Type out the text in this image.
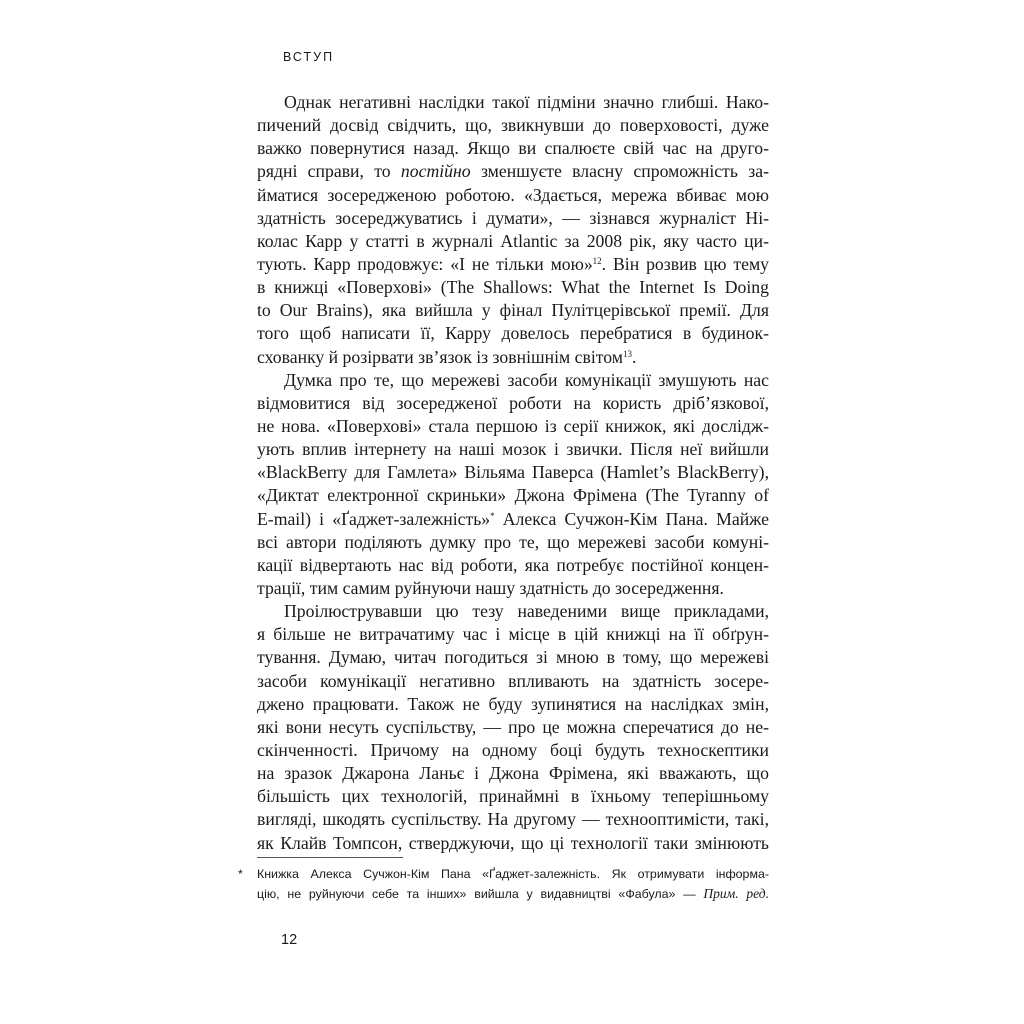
ВСТУП
Однак негативні наслідки такої підміни значно глибші. Нако-
пичений досвід свідчить, що, звикнувши до поверховості, дуже
важко повернутися назад. Якщо ви спалюєте свій час на друго-
рядні справи, то постійно зменшуєте власну спроможність за-
йматися зосередженою роботою. «Здається, мережа вбиває мою
здатність зосереджуватись і думати», — зізнався журналіст Ні-
колас Карр у статті в журналі Atlantic за 2008 рік, яку часто ци-
тують. Карр продовжує: «І не тільки мою»$^{12}$. Він розвив цю тему
в книжці «Поверхові» (The Shallows: What the Internet Is Doing
to Our Brains), яка вийшла у фінал Пулітцерівської премії. Для
того щоб написати її, Карру довелось перебратися в будинок-
схованку й розірвати зв’язок із зовнішнім світом$^{13}$.
Думка про те, що мережеві засоби комунікації змушують нас
відмовитися від зосередженої роботи на користь дріб’язкової,
не нова. «Поверхові» стала першою із серії книжок, які дослідж-
ують вплив інтернету на наші мозок і звички. Після неї вийшли
«BlackBerry для Гамлета» Вільяма Паверса (Hamlet’s BlackBerry),
«Диктат електронної скриньки» Джона Фрімена (The Tyranny of
E-mail) і «Ґаджет-залежність»* Алекса Сучжон-Кім Пана. Майже
всі автори поділяють думку про те, що мережеві засоби комуні-
кації відвертають нас від роботи, яка потребує постійної концен-
трації, тим самим руйнуючи нашу здатність до зосередження.
Проілюструвавши цю тезу наведеними вище прикладами,
я більше не витрачатиму час і місце в цій книжці на її обґрун-
тування. Думаю, читач погодиться зі мною в тому, що мережеві
засоби комунікації негативно впливають на здатність зосере-
джено працювати. Також не буду зупинятися на наслідках змін,
які вони несуть суспільству, — про це можна сперечатися до не-
скінченності. Причому на одному боці будуть техноскептики
на зразок Джарона Ланьє і Джона Фрімена, які вважають, що
більшість цих технологій, принаймні в їхньому теперішньому
вигляді, шкодять суспільству. На другому — технооптимісти, такі,
як Клайв Томпсон, стверджуючи, що ці технології таки змінюють
* Книжка Алекса Сучжон-Кім Пана «Ґаджет-залежність. Як отримувати інформа-
цію, не руйнуючи себе та інших» вийшла у видавництві «Фабула» — Прим. ред.
12
